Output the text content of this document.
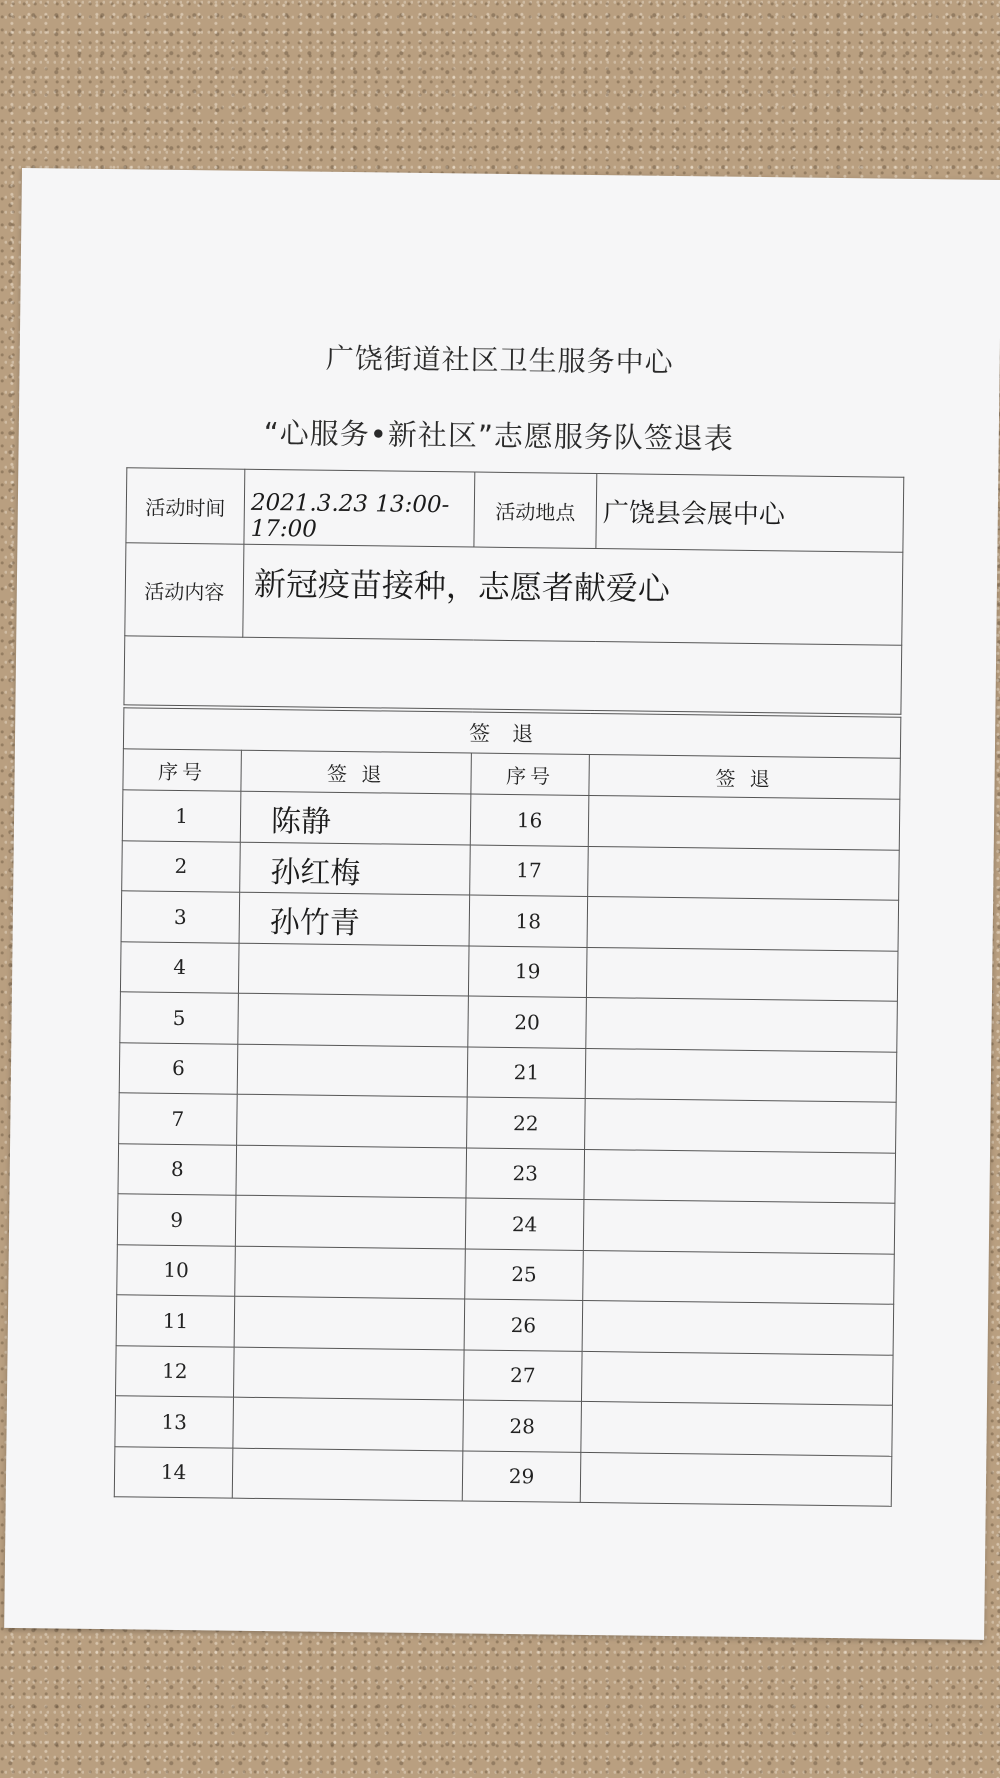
广饶街道社区卫生服务中心
“心服务•新社区”志愿服务队签退表
活动时间	2021.3.23 13:00-17:00	活动地点	广饶县会展中心

活动内容	新冠疫苗接种，志愿者献爱心		

签退			
序号	签 退	序号	签 退
1	陈静	16	
2	孙红梅	17	
3	孙竹青	18	
4		19	
5		20	
6		21	
7		22	
8		23	
9		24	
10		25	
11		26	
12		27	
13		28	
14		29	
